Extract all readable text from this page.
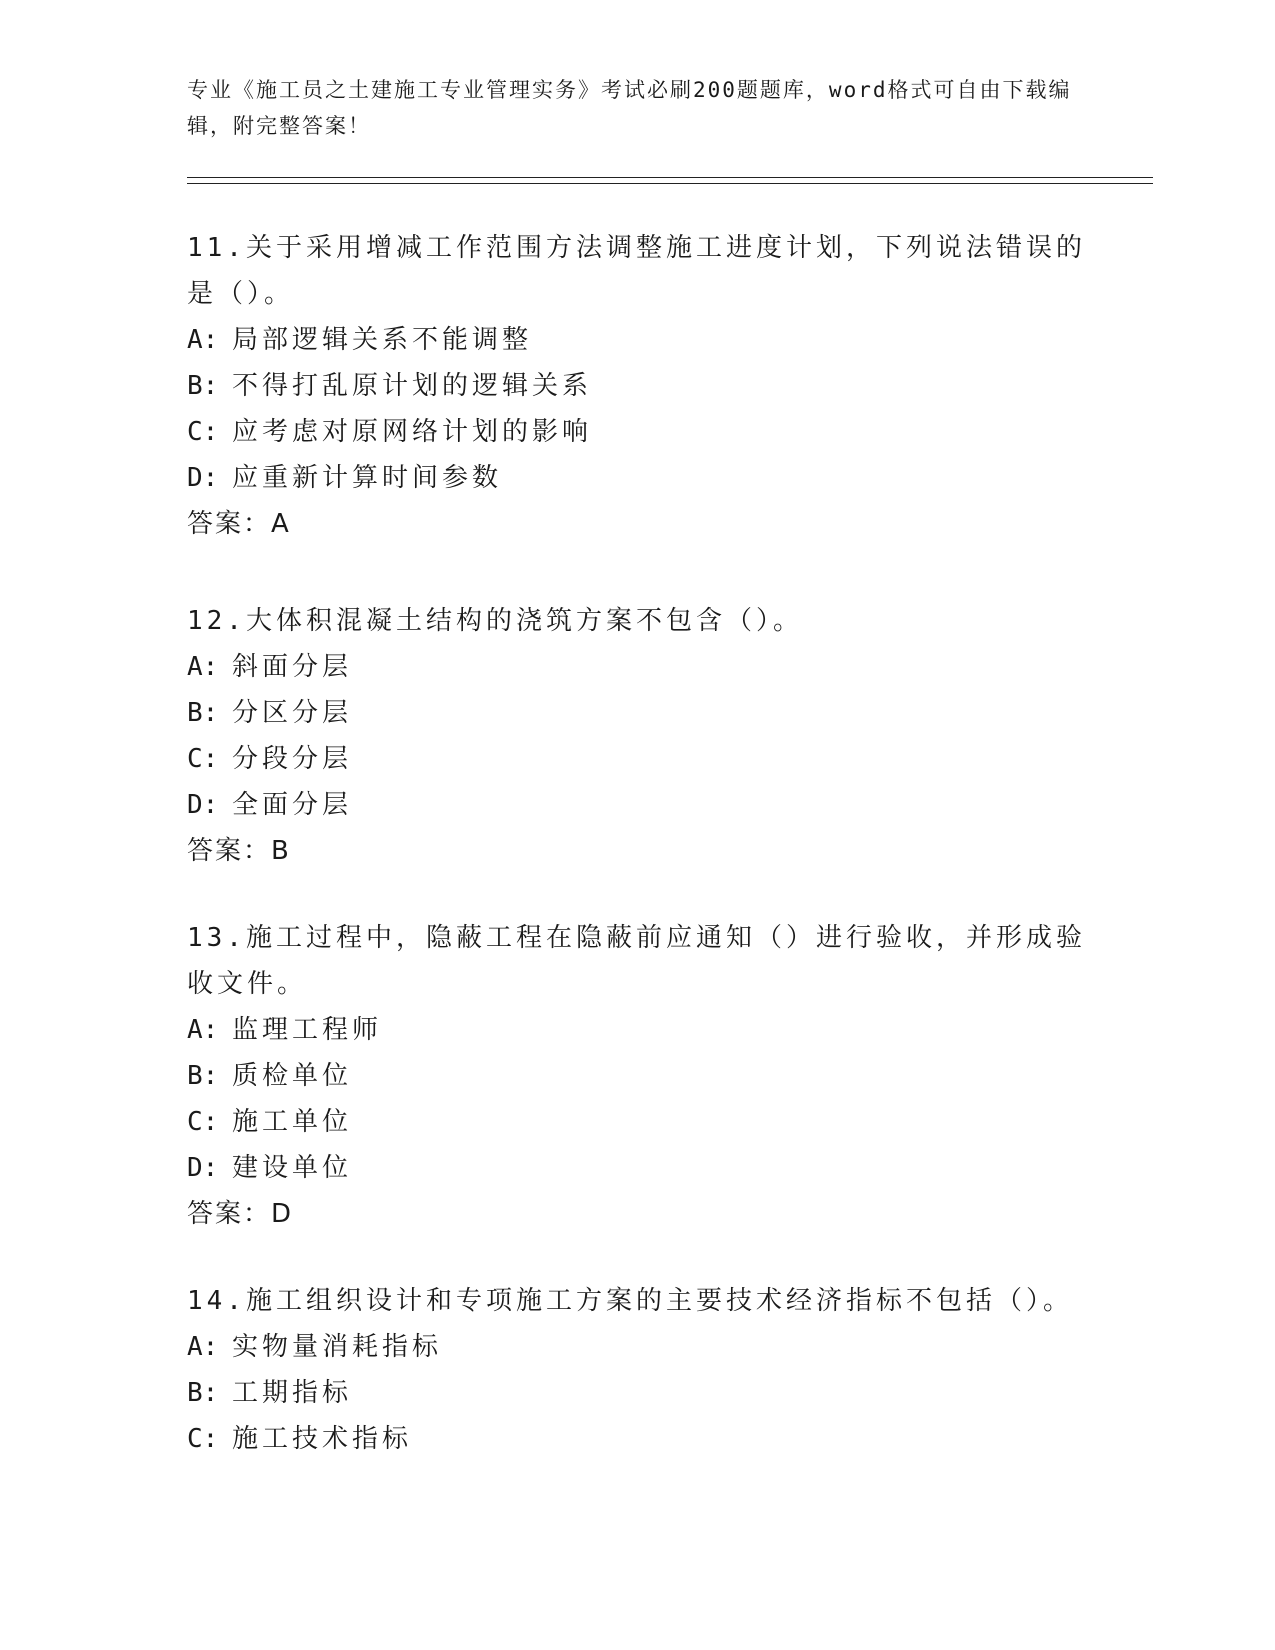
专业《施工员之土建施工专业管理实务》考试必刷200题题库，word格式可自由下载编辑，附完整答案！

11.关于采用增减工作范围方法调整施工进度计划，下列说法错误的是（）。

A: 局部逻辑关系不能调整

B: 不得打乱原计划的逻辑关系

C: 应考虑对原网络计划的影响

D: 应重新计算时间参数

答案：A

12.大体积混凝土结构的浇筑方案不包含（）。

A: 斜面分层

B: 分区分层

C: 分段分层

D: 全面分层

答案：B

13.施工过程中，隐蔽工程在隐蔽前应通知（）进行验收，并形成验收文件。

A: 监理工程师

B: 质检单位

C: 施工单位

D: 建设单位

答案：D

14.施工组织设计和专项施工方案的主要技术经济指标不包括（）。

A: 实物量消耗指标

B: 工期指标

C: 施工技术指标
